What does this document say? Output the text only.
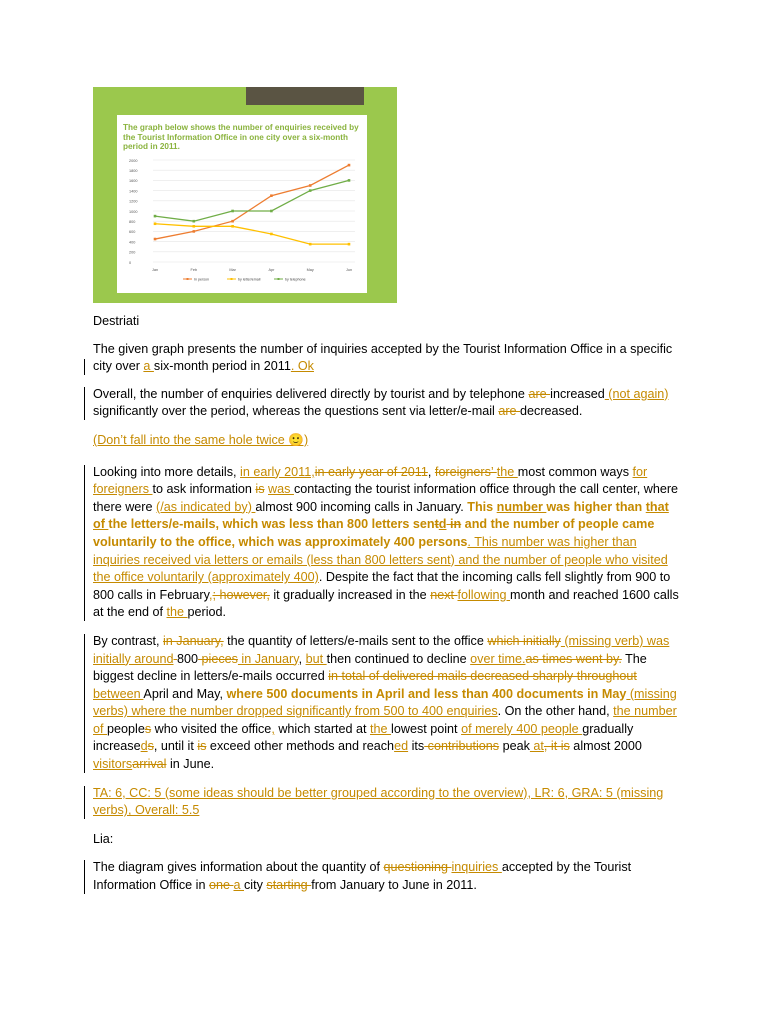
The graph below shows the number of enquiries received by the Tourist Information Office in one city over a six-month period in 2011.
0
200
400
600
800
1000
1200
1400
1600
1800
2000
Jan	Feb	Mar	Apr	May	Jun
In person	by letter/email	by telephone

Destriati

The given graph presents the number of inquiries accepted by the Tourist Information Office in a specific city over a six-month period in 2011. Ok

Overall, the number of enquiries delivered directly by tourist and by telephone are increased (not again) significantly over the period, whereas the questions sent via letter/e-mail are decreased.

(Don’t fall into the same hole twice 🙂)

Looking into more details, in early 2011,in early year of 2011, foreigners’ the most common ways for foreigners to ask information is was contacting the tourist information office through the call center, where there were (/as indicated by) almost 900 incoming calls in January. This number was higher than that of the letters/e-mails, which was less than 800 letters sentd in and the number of people came voluntarily to the office, which was approximately 400 persons. This number was higher than inquiries received via letters or emails (less than 800 letters sent) and the number of people who visited the office voluntarily (approximately 400). Despite the fact that the incoming calls fell slightly from 900 to 800 calls in February,; however, it gradually increased in the next following month and reached 1600 calls at the end of the period.

By contrast, in January, the quantity of letters/e-mails sent to the office which initially (missing verb) was initially around 800 pieces in January, but then continued to decline over time.as times went by. The biggest decline in letters/e-mails occurred in total of delivered mails decreased sharply throughout between April and May, where 500 documents in April and less than 400 documents in May (missing verbs) where the number dropped significantly from 500 to 400 enquiries. On the other hand, the number of peoples who visited the office, which started at the lowest point of merely 400 people gradually increaseds, until it is exceed other methods and reached its contributions peak at, it is almost 2000 visitorsarrival in June.

TA: 6, CC: 5 (some ideas should be better grouped according to the overview), LR: 6, GRA: 5 (missing verbs), Overall: 5.5

Lia:

The diagram gives information about the quantity of questioning inquiries accepted by the Tourist Information Office in one a city starting from January to June in 2011.
